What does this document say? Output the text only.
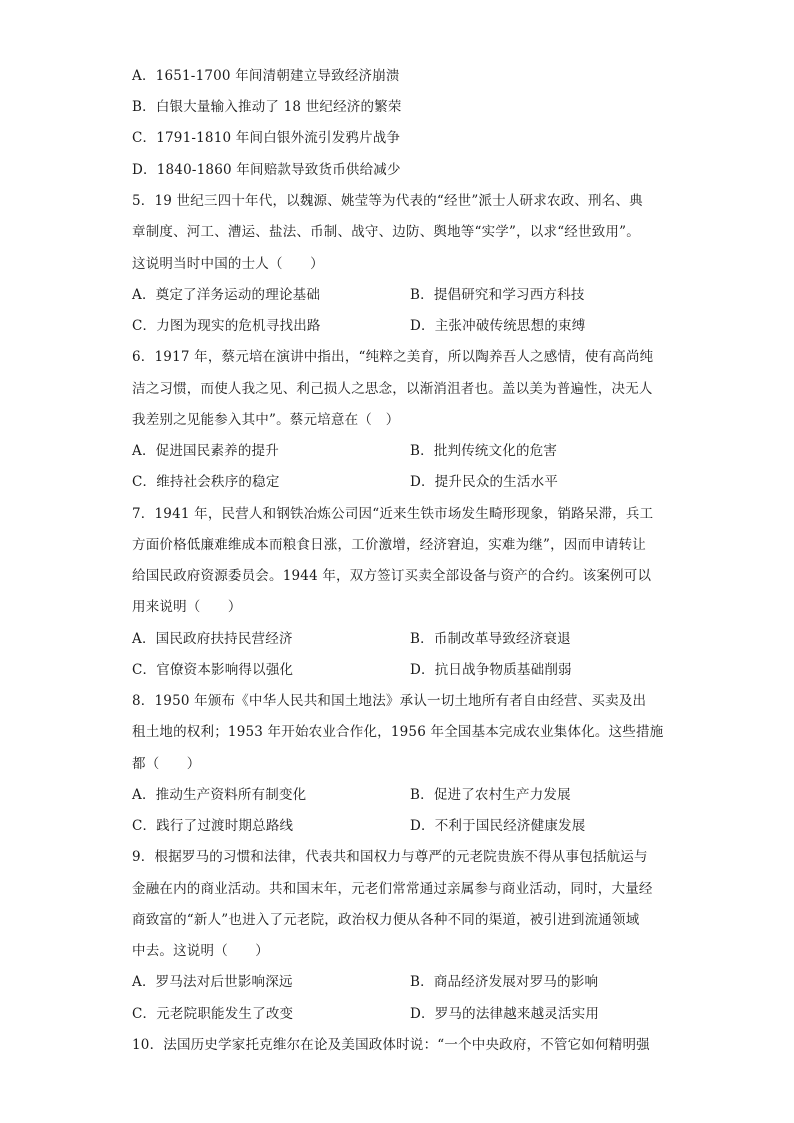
A．1651-1700 年间清朝建立导致经济崩溃
B．白银大量输入推动了 18 世纪经济的繁荣
C．1791-1810 年间白银外流引发鸦片战争
D．1840-1860 年间赔款导致货币供给减少
5．19 世纪三四十年代，以魏源、姚莹等为代表的“经世”派士人研求农政、刑名、典
章制度、河工、漕运、盐法、币制、战守、边防、舆地等“实学”，以求“经世致用”。
这说明当时中国的士人（　　）
A．奠定了洋务运动的理论基础	B．提倡研究和学习西方科技
C．力图为现实的危机寻找出路	D．主张冲破传统思想的束缚
6．1917 年，蔡元培在演讲中指出，“纯粹之美育，所以陶养吾人之感情，使有高尚纯
洁之习惯，而使人我之见、利己损人之思念，以渐消沮者也。盖以美为普遍性，决无人
我差别之见能参入其中”。蔡元培意在（　）
A．促进国民素养的提升	B．批判传统文化的危害
C．维持社会秩序的稳定	D．提升民众的生活水平
7．1941 年，民营人和钢铁冶炼公司因“近来生铁市场发生畸形现象，销路呆滞，兵工
方面价格低廉难维成本而粮食日涨，工价激增，经济窘迫，实难为继”，因而申请转让
给国民政府资源委员会。1944 年，双方签订买卖全部设备与资产的合约。该案例可以
用来说明（　　）
A．国民政府扶持民营经济	B．币制改革导致经济衰退
C．官僚资本影响得以强化	D．抗日战争物质基础削弱
8．1950 年颁布《中华人民共和国土地法》承认一切土地所有者自由经营、买卖及出
租土地的权利；1953 年开始农业合作化，1956 年全国基本完成农业集体化。这些措施
都（　　）
A．推动生产资料所有制变化	B．促进了农村生产力发展
C．践行了过渡时期总路线	D．不利于国民经济健康发展
9．根据罗马的习惯和法律，代表共和国权力与尊严的元老院贵族不得从事包括航运与
金融在内的商业活动。共和国末年，元老们常常通过亲属参与商业活动，同时，大量经
商致富的“新人”也进入了元老院，政治权力便从各种不同的渠道，被引进到流通领域
中去。这说明（　　）
A．罗马法对后世影响深远	B．商品经济发展对罗马的影响
C．元老院职能发生了改变	D．罗马的法律越来越灵活实用
10．法国历史学家托克维尔在论及美国政体时说：“一个中央政府，不管它如何精明强
